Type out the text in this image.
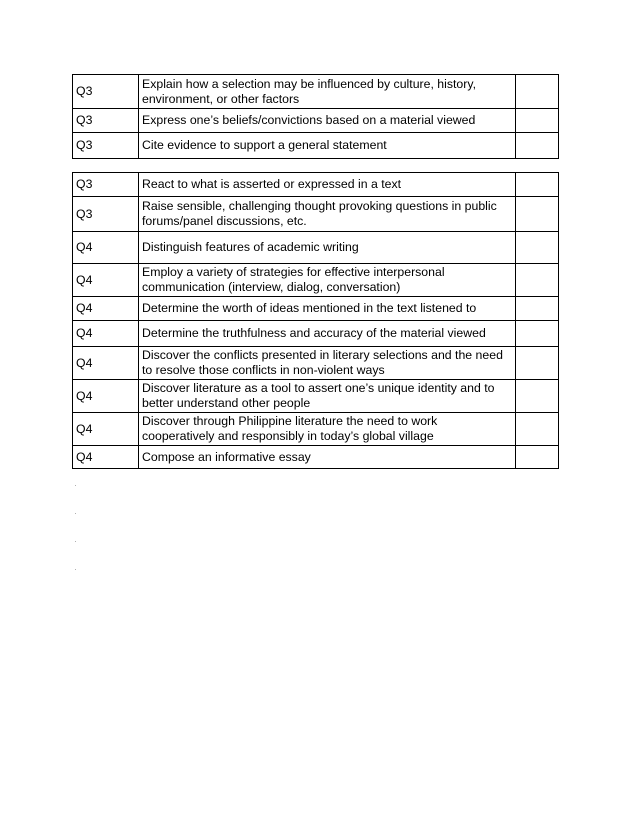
Q3	Explain how a selection may be influenced by culture, history, environment, or other factors	
Q3	Express one’s beliefs/convictions based on a material viewed	
Q3	Cite evidence to support a general statement	
Q3	React to what is asserted or expressed in a text	
Q3	Raise sensible, challenging thought provoking questions in public forums/panel discussions, etc.	
Q4	Distinguish features of academic writing	
Q4	Employ a variety of strategies for effective interpersonal communication (interview, dialog, conversation)	
Q4	Determine the worth of ideas mentioned in the text listened to	
Q4	Determine the truthfulness and accuracy of the material viewed	
Q4	Discover the conflicts presented in literary selections and the need to resolve those conflicts in non-violent ways	
Q4	Discover literature as a tool to assert one’s unique identity and to better understand other people	
Q4	Discover through Philippine literature the need to work cooperatively and responsibly in today’s global village	
Q4	Compose an informative essay	
